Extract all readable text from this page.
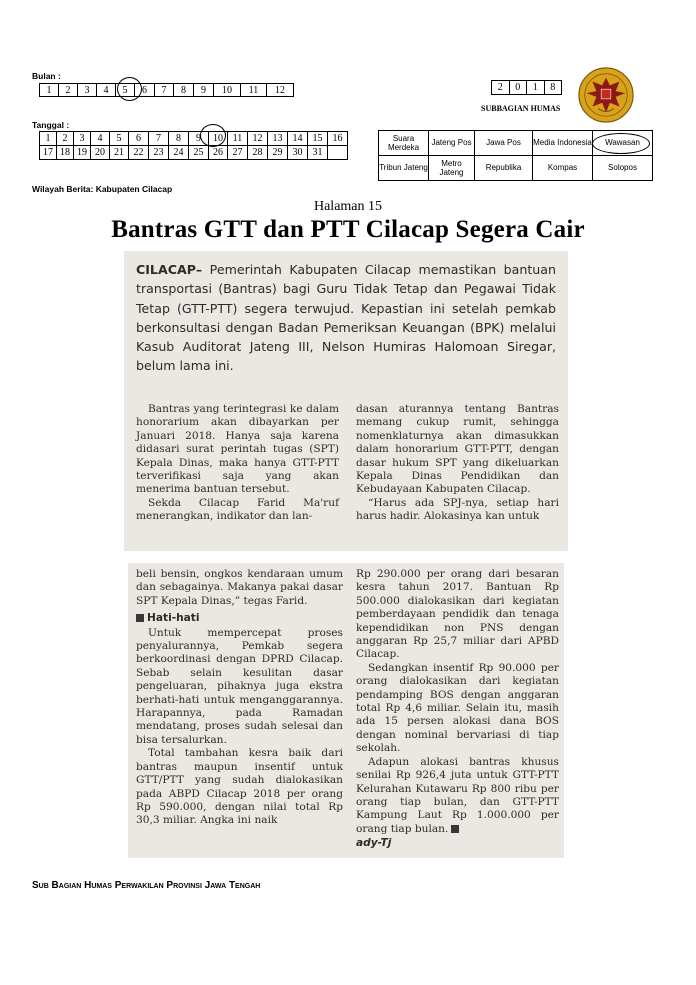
Bulan :
1	2	3	4	5	6	7	8	9	10	11	12
Tanggal :
1	2	3	4	5	6	7	8	9	10	11	12	13	14	15	16
17	18	19	20	21	22	23	24	25	26	27	28	29	30	31	
2	0	1	8
SUBBAGIAN HUMAS
Suara Merdeka	Jateng Pos	Jawa Pos	Media Indonesia	Wawasan
Tribun Jateng	Metro Jateng	Republika	Kompas	Solopos
Wilayah Berita: Kabupaten Cilacap
Halaman 15
Bantras GTT dan PTT Cilacap Segera Cair
CILACAP– Pemerintah Kabupaten Cilacap memastikan bantuan transportasi (Bantras) bagi Guru Tidak Tetap dan Pegawai Tidak Tetap (GTT-PTT) segera terwujud. Kepastian ini setelah pemkab berkonsultasi dengan Badan Pemeriksan Keuangan (BPK) melalui Kasub Auditorat Jateng III, Nelson Humiras Halomoan Siregar, belum lama ini.

Bantras yang terintegrasi ke dalam honorarium akan dibayarkan per Januari 2018. Hanya saja karena didasari surat perintah tugas (SPT) Kepala Dinas, maka hanya GTT-PTT terverifikasi saja yang akan menerima bantuan tersebut.

Sekda Cilacap Farid Ma'ruf menerangkan, indikator dan lan-

dasan aturannya tentang Bantras memang cukup rumit, sehingga nomenklaturnya akan dimasukkan dalam honorarium GTT-PTT, dengan dasar hukum SPT yang dikeluarkan Kepala Dinas Pendidikan dan Kebudayaan Kabupaten Cilacap.

“Harus ada SPJ-nya, setiap hari harus hadir. Alokasinya kan untuk

beli bensin, ongkos kendaraan umum dan sebagainya. Makanya pakai dasar SPT Kepala Dinas,” tegas Farid.

Hati-hati

Untuk mempercepat proses penyalurannya, Pemkab segera berkoordinasi dengan DPRD Cilacap. Sebab selain kesulitan dasar pengeluaran, pihaknya juga ekstra berhati-hati untuk menganggarannya. Harapannya, pada Ramadan mendatang, proses sudah selesai dan bisa tersalurkan.

Total tambahan kesra baik dari bantras maupun insentif untuk GTT/PTT yang sudah dialokasikan pada ABPD Cilacap 2018 per orang Rp 590.000, dengan nilai total Rp 30,3 miliar. Angka ini naik

Rp 290.000 per orang dari besaran kesra tahun 2017. Bantuan Rp 500.000 dialokasikan dari kegiatan pemberdayaan pendidik dan tenaga kependidikan non PNS dengan anggaran Rp 25,7 miliar dari APBD Cilacap.

Sedangkan insentif Rp 90.000 per orang dialokasikan dari kegiatan pendamping BOS dengan anggaran total Rp 4,6 miliar. Selain itu, masih ada 15 persen alokasi dana BOS dengan nominal bervariasi di tiap sekolah.

Adapun alokasi bantras khusus senilai Rp 926,4 juta untuk GTT-PTT Kelurahan Kutawaru Rp 800 ribu per orang tiap bulan, dan GTT-PTT Kampung Laut Rp 1.000.000 per orang tiap bulan.

ady-Tj
Sub Bagian Humas Perwakilan Provinsi Jawa Tengah
